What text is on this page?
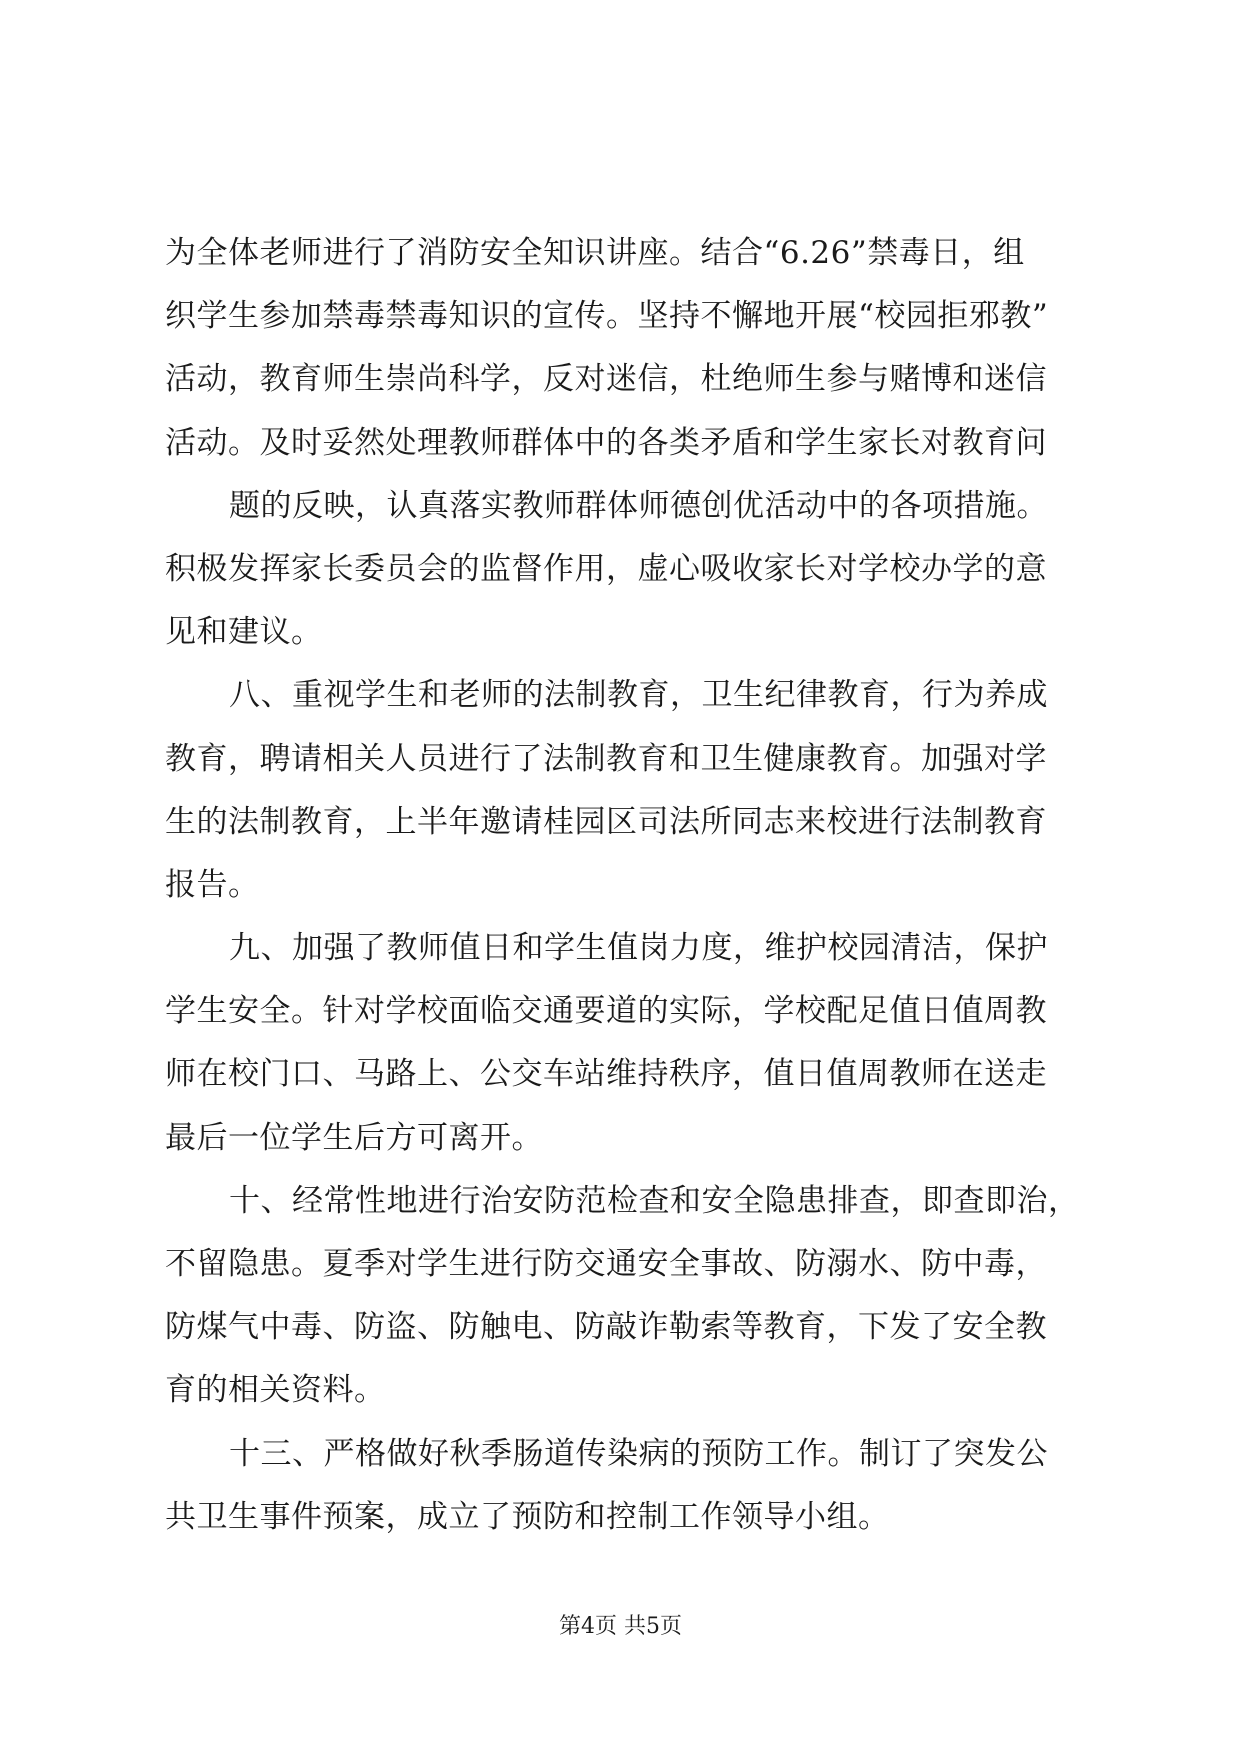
为全体老师进行了消防安全知识讲座。结合“6.26”禁毒日，组
织学生参加禁毒禁毒知识的宣传。坚持不懈地开展“校园拒邪教”
活动，教育师生崇尚科学，反对迷信，杜绝师生参与赌博和迷信
活动。及时妥然处理教师群体中的各类矛盾和学生家长对教育问
题的反映，认真落实教师群体师德创优活动中的各项措施。
积极发挥家长委员会的监督作用，虚心吸收家长对学校办学的意
见和建议。
八、重视学生和老师的法制教育，卫生纪律教育，行为养成
教育，聘请相关人员进行了法制教育和卫生健康教育。加强对学
生的法制教育，上半年邀请桂园区司法所同志来校进行法制教育
报告。
九、加强了教师值日和学生值岗力度，维护校园清洁，保护
学生安全。针对学校面临交通要道的实际，学校配足值日值周教
师在校门口、马路上、公交车站维持秩序，值日值周教师在送走
最后一位学生后方可离开。
十、经常性地进行治安防范检查和安全隐患排查，即查即治，
不留隐患。夏季对学生进行防交通安全事故、防溺水、防中毒，
防煤气中毒、防盗、防触电、防敲诈勒索等教育，下发了安全教
育的相关资料。
十三、严格做好秋季肠道传染病的预防工作。制订了突发公
共卫生事件预案，成立了预防和控制工作领导小组。
第4页 共5页
